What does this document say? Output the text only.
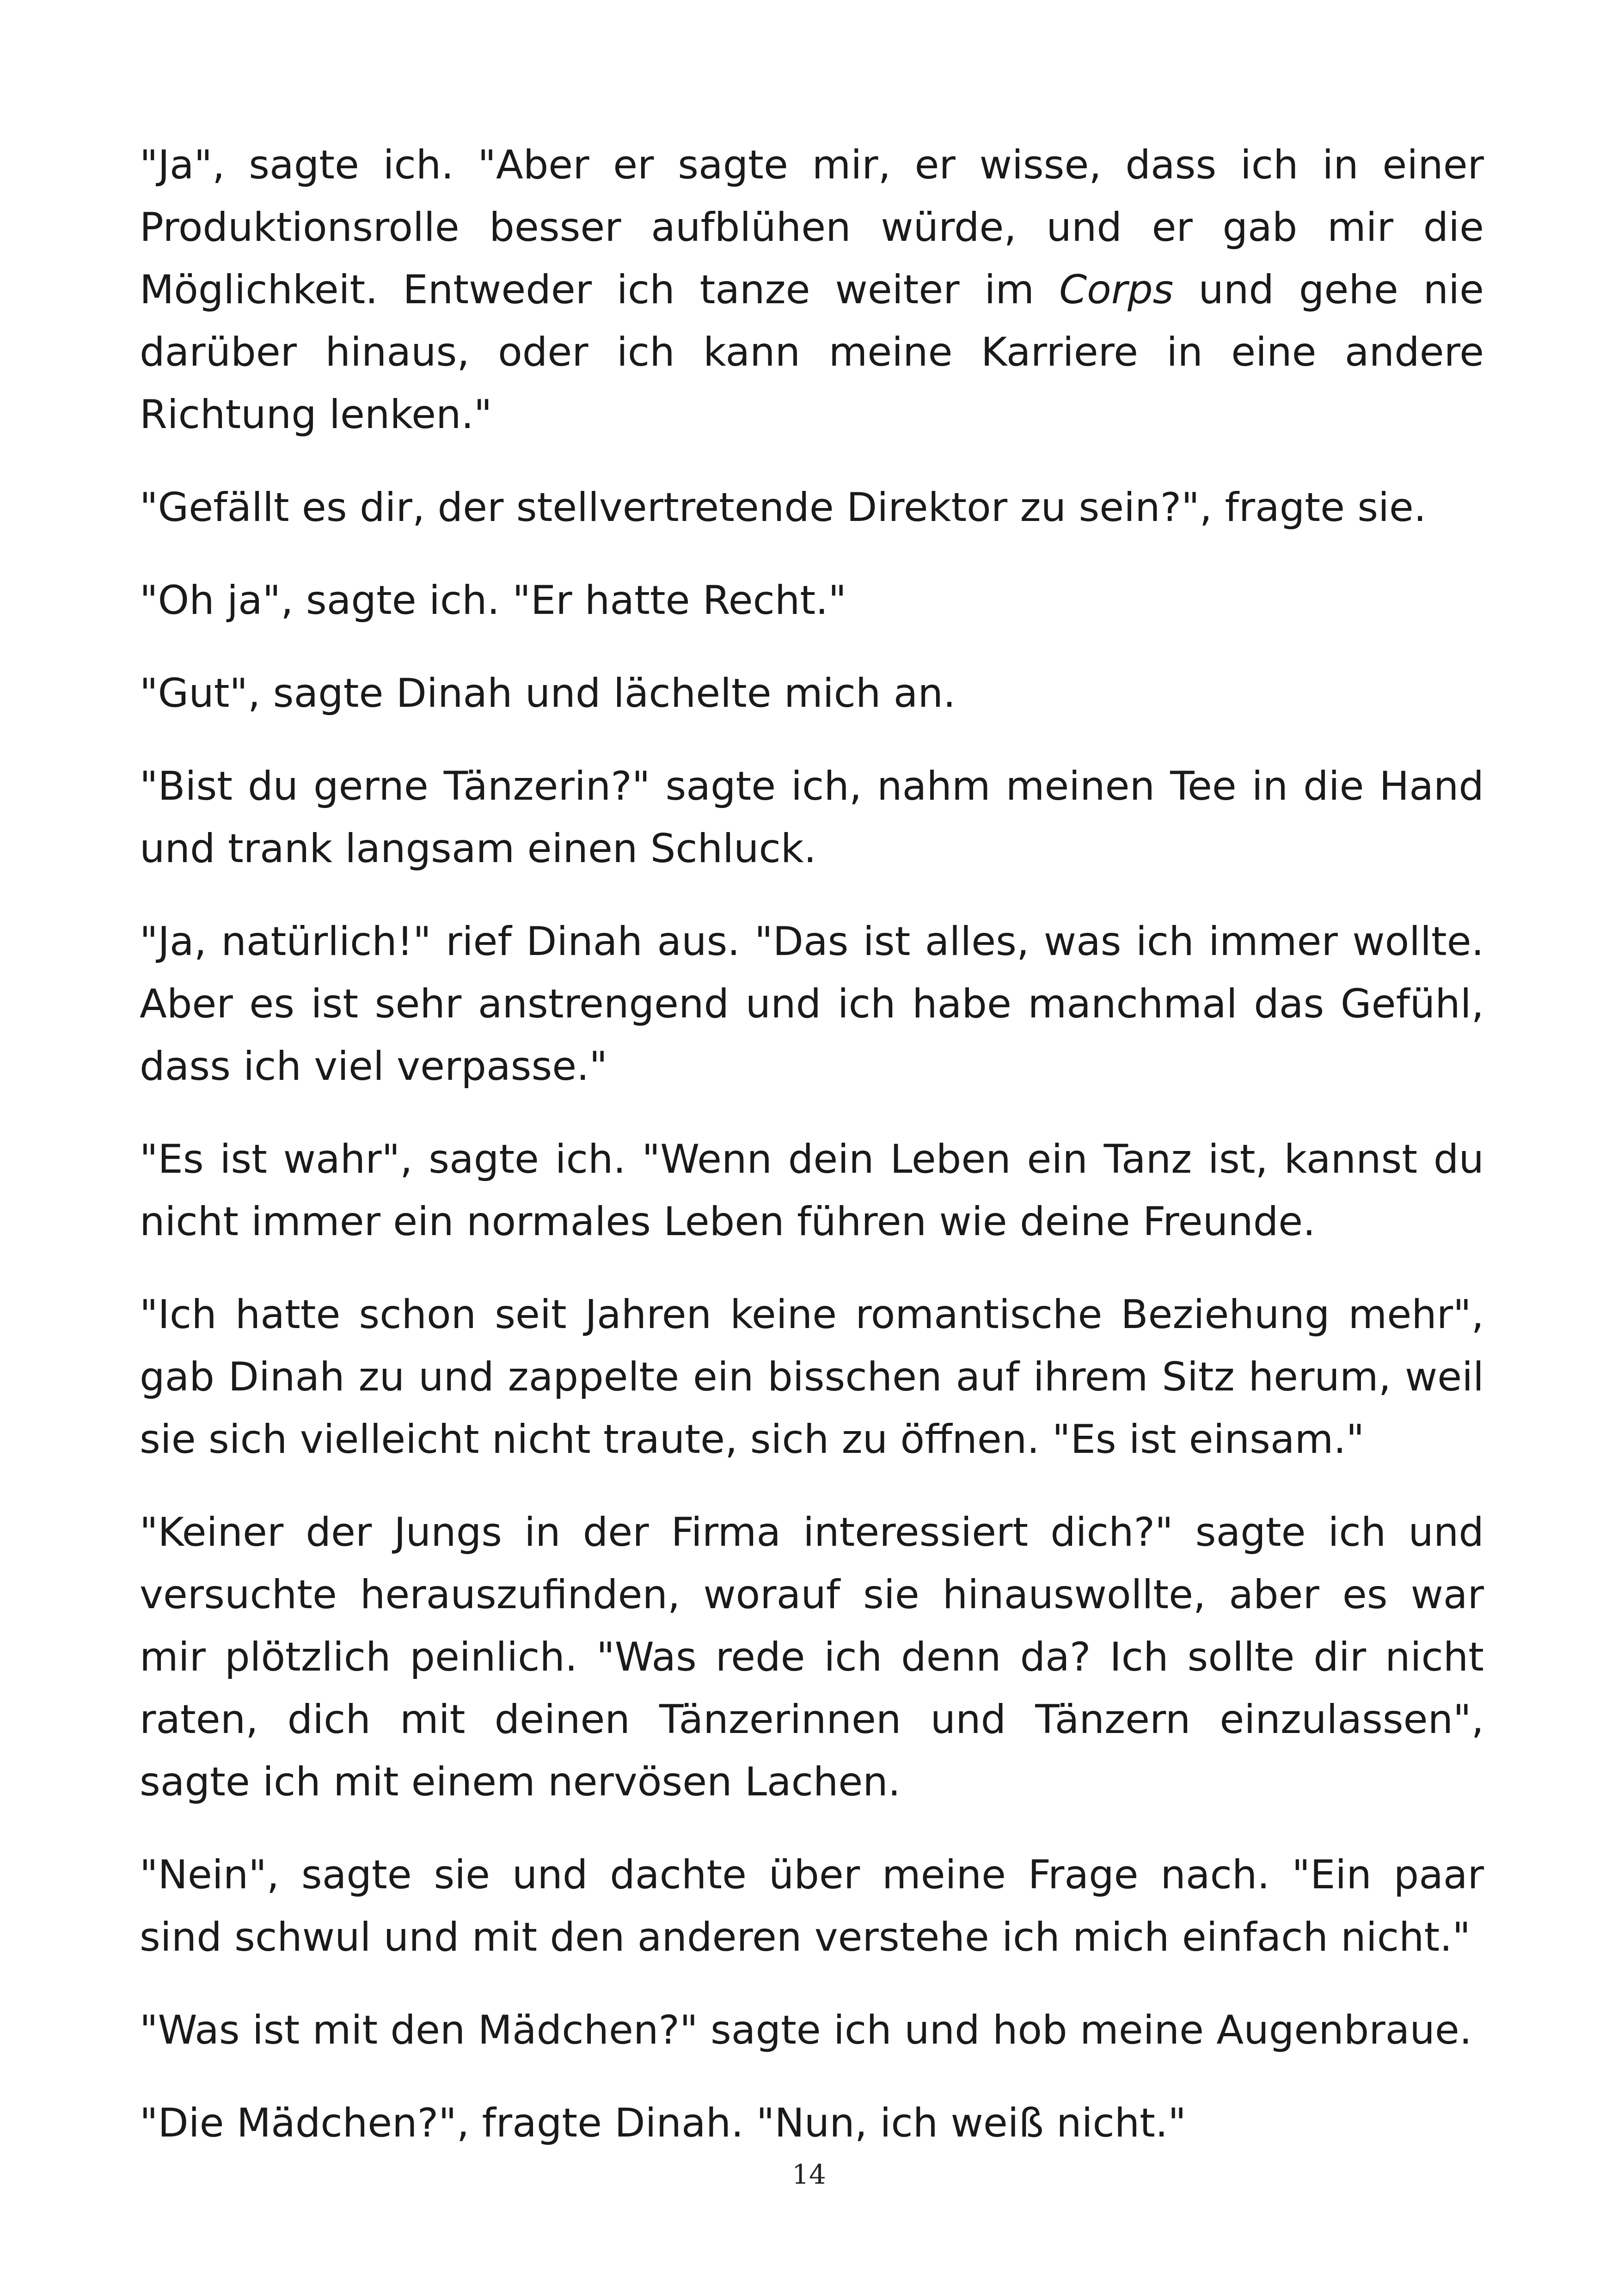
"Ja", sagte ich. "Aber er sagte mir, er wisse, dass ich in einer Produktionsrolle besser aufblühen würde, und er gab mir die Möglichkeit. Entweder ich tanze weiter im Corps und gehe nie darüber hinaus, oder ich kann meine Karriere in eine andere Richtung lenken."

"Gefällt es dir, der stellvertretende Direktor zu sein?", fragte sie.

"Oh ja", sagte ich. "Er hatte Recht."

"Gut", sagte Dinah und lächelte mich an.

"Bist du gerne Tänzerin?" sagte ich, nahm meinen Tee in die Hand und trank langsam einen Schluck.

"Ja, natürlich!" rief Dinah aus. "Das ist alles, was ich immer wollte. Aber es ist sehr anstrengend und ich habe manchmal das Gefühl, dass ich viel verpasse."

"Es ist wahr", sagte ich. "Wenn dein Leben ein Tanz ist, kannst du nicht immer ein normales Leben führen wie deine Freunde.

"Ich hatte schon seit Jahren keine romantische Beziehung mehr", gab Dinah zu und zappelte ein bisschen auf ihrem Sitz herum, weil sie sich vielleicht nicht traute, sich zu öffnen. "Es ist einsam."

"Keiner der Jungs in der Firma interessiert dich?" sagte ich und versuchte herauszufinden, worauf sie hinauswollte, aber es war mir plötzlich peinlich. "Was rede ich denn da? Ich sollte dir nicht raten, dich mit deinen Tänzerinnen und Tänzern einzulassen", sagte ich mit einem nervösen Lachen.

"Nein", sagte sie und dachte über meine Frage nach. "Ein paar sind schwul und mit den anderen verstehe ich mich einfach nicht."

"Was ist mit den Mädchen?" sagte ich und hob meine Augenbraue.

"Die Mädchen?", fragte Dinah. "Nun, ich weiß nicht."

14
